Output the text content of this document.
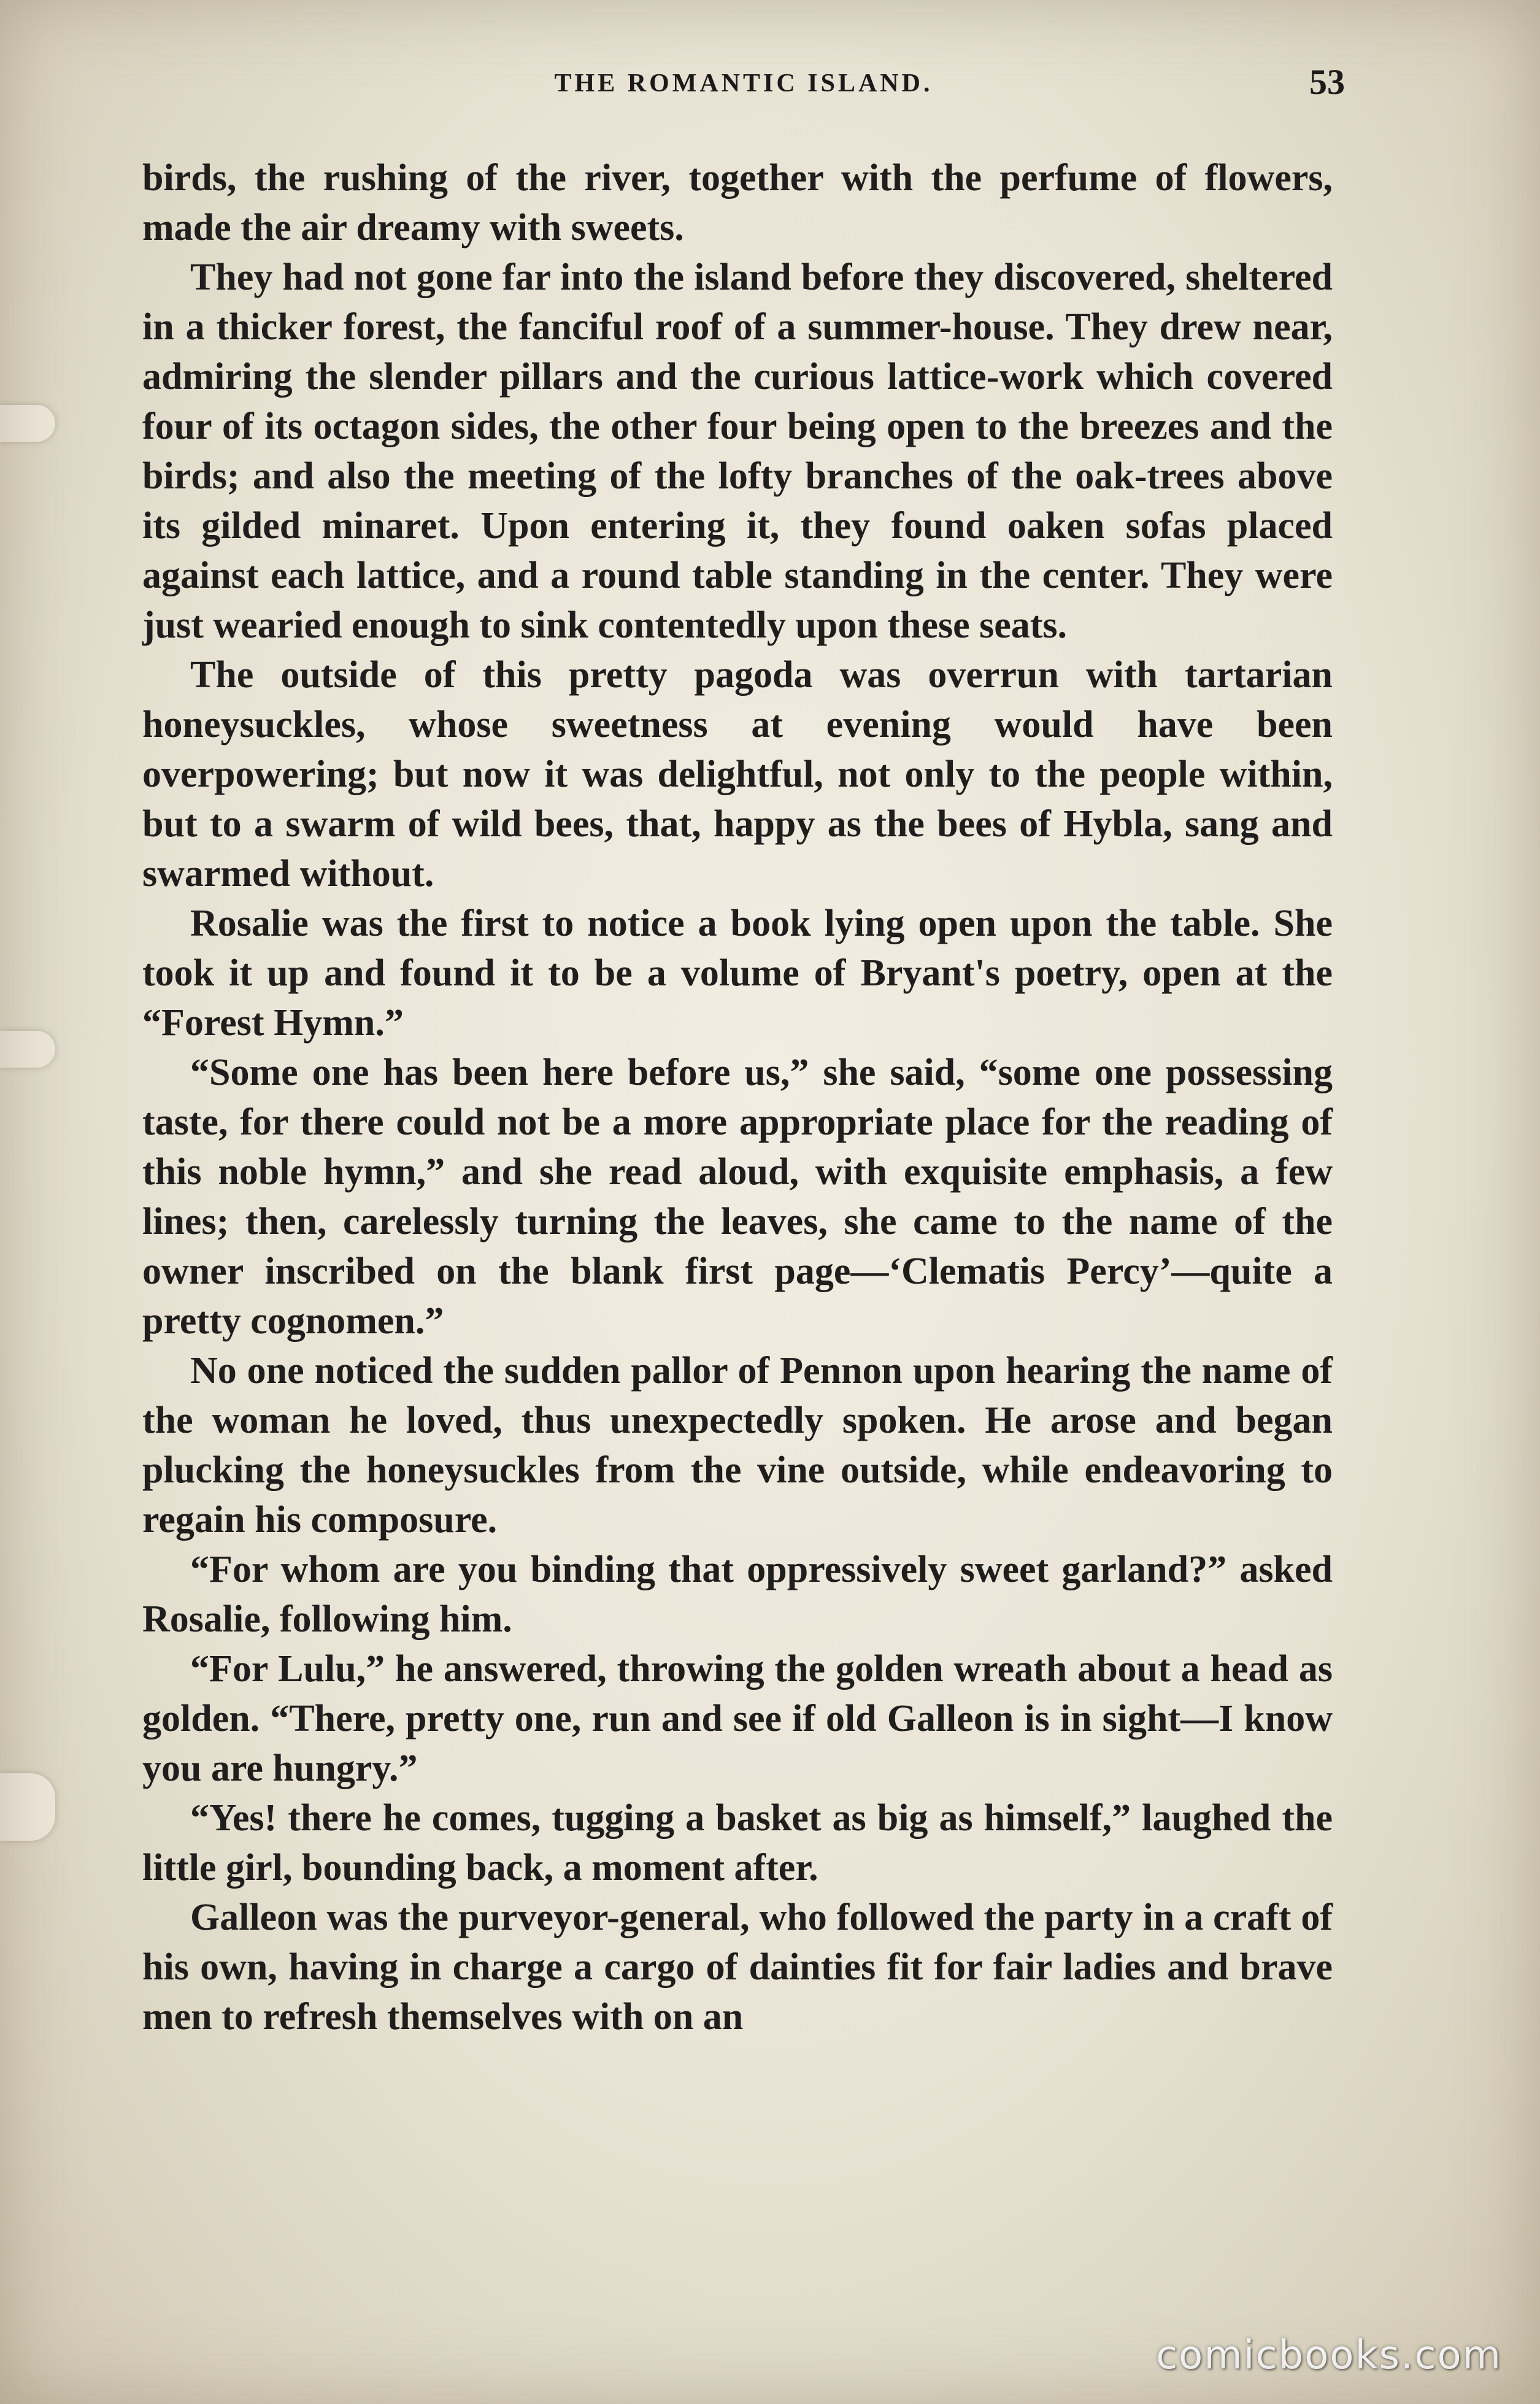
THE ROMANTIC ISLAND.	53

birds, the rushing of the river, together with the perfume of flowers, made the air dreamy with sweets.

They had not gone far into the island before they discovered, sheltered in a thicker forest, the fanciful roof of a summer-house. They drew near, admiring the slender pillars and the curious lattice-work which covered four of its octagon sides, the other four being open to the breezes and the birds; and also the meeting of the lofty branches of the oak-trees above its gilded minaret. Upon entering it, they found oaken sofas placed against each lattice, and a round table standing in the center. They were just wearied enough to sink contentedly upon these seats.

The outside of this pretty pagoda was overrun with tartarian honeysuckles, whose sweetness at evening would have been overpowering; but now it was delightful, not only to the people within, but to a swarm of wild bees, that, happy as the bees of Hybla, sang and swarmed without.

Rosalie was the first to notice a book lying open upon the table. She took it up and found it to be a volume of Bryant's poetry, open at the “Forest Hymn.”

“Some one has been here before us,” she said, “some one possessing taste, for there could not be a more appropriate place for the reading of this noble hymn,” and she read aloud, with exquisite emphasis, a few lines; then, carelessly turning the leaves, she came to the name of the owner inscribed on the blank first page—‘Clematis Percy’—quite a pretty cognomen.”

No one noticed the sudden pallor of Pennon upon hearing the name of the woman he loved, thus unexpectedly spoken. He arose and began plucking the honeysuckles from the vine outside, while endeavoring to regain his composure.

“For whom are you binding that oppressively sweet garland?” asked Rosalie, following him.

“For Lulu,” he answered, throwing the golden wreath about a head as golden. “There, pretty one, run and see if old Galleon is in sight—I know you are hungry.”

“Yes! there he comes, tugging a basket as big as himself,” laughed the little girl, bounding back, a moment after.

Galleon was the purveyor-general, who followed the party in a craft of his own, having in charge a cargo of dainties fit for fair ladies and brave men to refresh themselves with on an

comicbooks.com
